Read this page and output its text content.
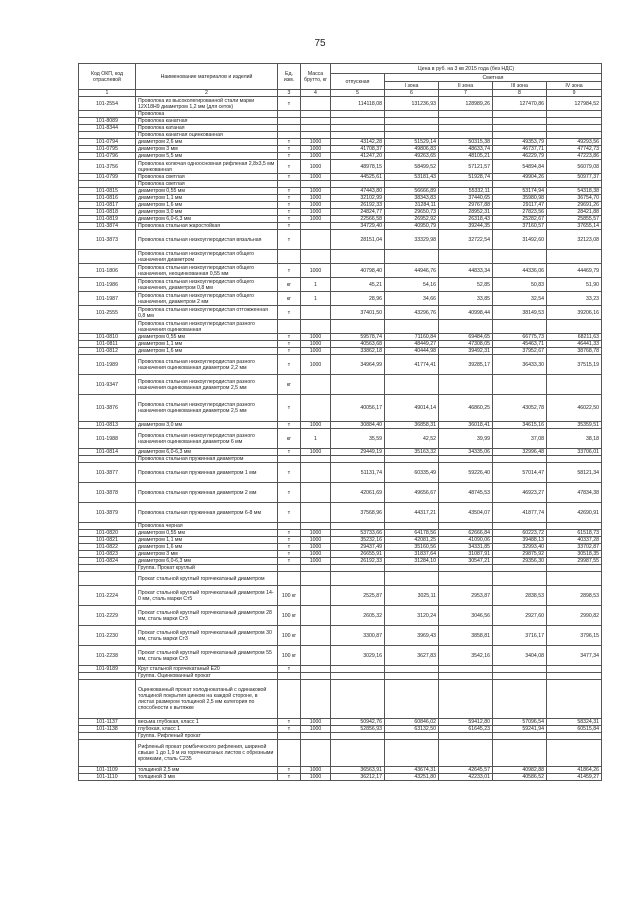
75
Код ОКП, код отраслевой	Наименование материалов и изделий	Ед. изм.	Масса брутто, кг	Цена в руб. на 3 кв 2015 года (без НДС)				
				отпускная	Сметная			
					I зона	II зона	III зона	IV зона
1	2	3	4	5	6	7	8	9
101-2554	Проволока из высоколегированной стали марки 12Х18Н9 диаметром 1,2 мм (для сеток)	т		114118,08	131236,93	128989,26	127470,86	127984,52
	Проволока							
101-8089	Проволока канатная							
101-8344	Проволока катаная							
	Проволока канатная оцинкованная							
101-0794	диаметром 2,6 мм	т	1000	43142,28	51529,14	50315,38	49353,79	49293,56
101-0795	диаметром 3 мм	т	1000	41708,37	49806,83	48633,74	46737,71	47742,73
101-0796	диаметром 5,5 мм	т	1000	41247,20	49263,65	48105,21	46229,79	47223,86
101-3756	Проволока колючая одноосновная рифленая 2,8х3,5 мм оцинкованная	т	1000	48978,15	58499,52	57121,57	54894,84	56079,08
101-0799	Проволока светлая	т	1000	44525,61	53181,43	51928,74	49904,26	50977,37
	Проволока светлая							
101-0815	диаметром 0,55 мм	т	1000	47443,80	56666,89	55332,11	53174,94	54318,38
101-0816	диаметром 1,1 мм	т	1000	32102,99	38343,83	37440,65	35980,98	36754,70
101-0817	диаметром 1,6 мм	т	1000	26192,33	31284,11	29767,88	29117,47	29691,26
101-0818	диаметром 3,0 мм	т	1000	24824,77	29650,73	28952,31	27823,56	28421,88
101-0819	диаметром 6,0-6,3 мм	т	1000	22566,58	26952,92	26318,43	25282,67	25855,57
101-3874	Проволока стальная жаростойкая	т		34729,40	40950,79	39244,35	37160,57	37655,14
101-3873	Проволока стальная низкоуглеродистая вязальная	т		28151,04	33329,98	32722,54	31492,60	32123,08
	Проволока стальная низкоуглеродистая общего назначения диаметром							
101-1806	Проволока стальная низкоуглеродистая общего назначения, неоцинкованная 0,55 мм	т	1000	40798,40	44946,76	44833,34	44336,06	44469,79
101-1986	Проволока стальная низкоуглеродистая общего назначения, диаметром 0,8 мм	кг	1	45,21	54,16	52,85	50,83	51,90
101-1987	Проволока стальная низкоуглеродистая общего назначения, диаметром 2 мм	кг	1	28,96	34,66	33,85	32,54	33,23
101-2555	Проволока стальная низкоуглеродистая оттожженная 0,8 мм	т		37401,50	43296,76	40998,44	38149,53	39206,16
	Проволока стальная низкоуглеродистая разного назначения оцинкованная							
101-0810	диаметром 0,55 мм	т	1000	59578,74	71160,84	69484,65	66775,73	68211,63
101-0811	диаметром 1,1 мм	т	1000	40563,68	48449,27	47308,05	45463,71	46441,33
101-0812	диаметром 1,6 мм	т	1000	33862,18	40444,98	39492,31	37952,67	38768,78
101-1989	Проволока стальная низкоуглеродистая разного назначения оцинкованная диаметром 2,2 мм	т	1000	34964,99	41774,41	39285,17	36433,30	37515,19
101-9347	Проволока стальная низкоуглеродистая разного назначения оцинкованная диаметром 2,5 мм	кг						
101-3876	Проволока стальная низкоуглеродистая разного назначения оцинкованная диаметром 2,5 мм	т		40056,17	49014,14	46860,25	43052,78	46022,50
101-0813	диаметром 3,0 мм	т	1000	30884,40	36858,31	36018,41	34615,16	35359,51
101-1988	Проволока стальная низкоуглеродистая разного назначения оцинкованная диаметром 6 мм	кг	1	35,59	42,52	39,99	37,08	38,18
101-0814	диаметром 6,0-6,3 мм	т	1000	29449,19	35163,32	34335,06	32996,48	33706,01
	Проволока стальная пружинная диаметром							
101-3877	Проволока стальная пружинная диаметром 1 мм	т		51131,74	60335,49	59226,40	57014,47	58121,34
101-3878	Проволока стальная пружинная диаметром 2 мм	т		42061,69	49656,67	48745,53	46923,27	47834,38
101-3879	Проволока стальная пружинная диаметром 6-8 мм	т		37568,96	44317,21	43504,07	41877,74	42690,91
	Проволока черная							
101-0820	диаметром 0,55 мм	т	1000	53733,66	64178,56	62666,84	60223,72	61518,73
101-0821	диаметром 1,1 мм	т	1000	35232,16	42081,25	41090,06	39488,13	40337,28
101-0822	диаметром 1,6 мм	т	1000	29437,49	35160,56	34331,85	32993,40	33702,87
101-0823	диаметром 3 мм	т	1000	26655,91	31837,64	31087,91	29875,92	30518,35
101-0824	диаметром 6,0-6,3 мм	т	1000	26192,33	31284,10	30547,21	29356,30	29987,55
	Группа. Прокат круглый							
	Прокат стальной круглый горячекатаный диаметром							
101-2224	Прокат стальной круглый горячекатаный диаметром 14-0 мм, сталь марки Ст5	100 кг		2525,87	3025,11	2953,87	2838,53	2898,53
101-2229	Прокат стальной круглый горячекатаный диаметром 28 мм, сталь марки Ст3	100 кг		2605,32	3120,24	3046,56	2927,60	2990,82
101-2230	Прокат стальной круглый горячекатаный диаметром 30 мм, сталь марки Ст3	100 кг		3300,87	3969,43	3858,81	3716,17	3796,15
101-2238	Прокат стальной круглый горячекатаный диаметром 55 мм, сталь марки Ст3	100 кг		3029,16	3627,83	3542,16	3404,08	3477,34
101-9189	Круг стальной горячекатаный Е20	т						
	Группа. Оцинкованный прокат							
	Оцинкованный прокат холоднокатаный с одинаковой толщиной покрытия цинком на каждой стороне, в листах размером толщиной 2,5 мм категория по способности к вытяжке							
101-1137	весьма глубокая, класс 1	т	1000	50942,76	60846,02	59412,80	57096,54	58324,31
101-1138	глубокая, класс 1	т	1000	52856,93	63132,50	61645,23	59241,94	60515,84
	Группа. Рифленый прокат							
	Рифленый прокат ромбического рифления, шириной свыше 1 до 1,9 м из горячекатаных листов с обрезными кромками, сталь С235							
101-1109	толщиной 2,5 мм	т	1000	36563,91	43674,31	42645,57	40982,88	41864,26
101-1110	толщиной 3 мм	т	1000	36212,17	43251,80	42233,01	40586,52	41459,27
